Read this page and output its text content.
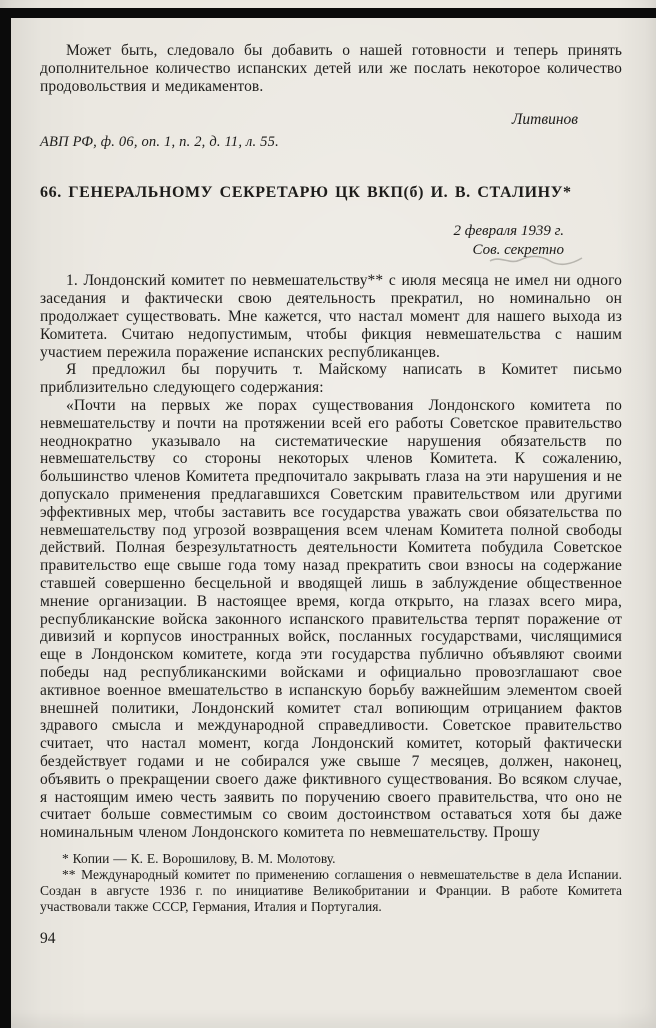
Может быть, следовало бы добавить о нашей готовности и теперь принять дополнительное количество испанских детей или же послать некоторое количество продовольствия и медикаментов.

Литвинов
АВП РФ, ф. 06, оп. 1, п. 2, д. 11, л. 55.
66. ГЕНЕРАЛЬНОМУ СЕКРЕТАРЮ ЦК ВКП(б) И. В. СТАЛИНУ*
2 февраля 1939 г.
Сов. секретно

1. Лондонский комитет по невмешательству** с июля месяца не имел ни одного заседания и фактически свою деятельность прекратил, но номинально он продолжает существовать. Мне кажется, что настал момент для нашего выхода из Комитета. Считаю недопустимым, чтобы фикция невмешательства с нашим участием пережила поражение испанских республиканцев.

Я предложил бы поручить т. Майскому написать в Комитет письмо приблизительно следующего содержания:

«Почти на первых же порах существования Лондонского комитета по невмешательству и почти на протяжении всей его работы Советское правительство неоднократно указывало на систематические нарушения обязательств по невмешательству со стороны некоторых членов Комитета. К сожалению, большинство членов Комитета предпочитало закрывать глаза на эти нарушения и не допускало применения предлагавшихся Советским правительством или другими эффективных мер, чтобы заставить все государства уважать свои обязательства по невмешательству под угрозой возвращения всем членам Комитета полной свободы действий. Полная безрезультатность деятельности Комитета побудила Советское правительство еще свыше года тому назад прекратить свои взносы на содержание ставшей совершенно бесцельной и вводящей лишь в заблуждение общественное мнение организации. В настоящее время, когда открыто, на глазах всего мира, республиканские войска законного испанского правительства терпят поражение от дивизий и корпусов иностранных войск, посланных государствами, числящимися еще в Лондонском комитете, когда эти государства публично объявляют своими победы над республиканскими войсками и официально провозглашают свое активное военное вмешательство в испанскую борьбу важнейшим элементом своей внешней политики, Лондонский комитет стал вопиющим отрицанием фактов здравого смысла и международной справедливости. Советское правительство считает, что настал момент, когда Лондонский комитет, который фактически бездействует годами и не собирался уже свыше 7 месяцев, должен, наконец, объявить о прекращении своего даже фиктивного существования. Во всяком случае, я настоящим имею честь заявить по поручению своего правительства, что оно не считает больше совместимым со своим достоинством оставаться хотя бы даже номинальным членом Лондонского комитета по невмешательству. Прошу

* Копии — К. Е. Ворошилову, В. М. Молотову.

** Международный комитет по применению соглашения о невмешательстве в дела Испании. Создан в августе 1936 г. по инициативе Великобритании и Франции. В работе Комитета участвовали также СССР, Германия, Италия и Португалия.

94
